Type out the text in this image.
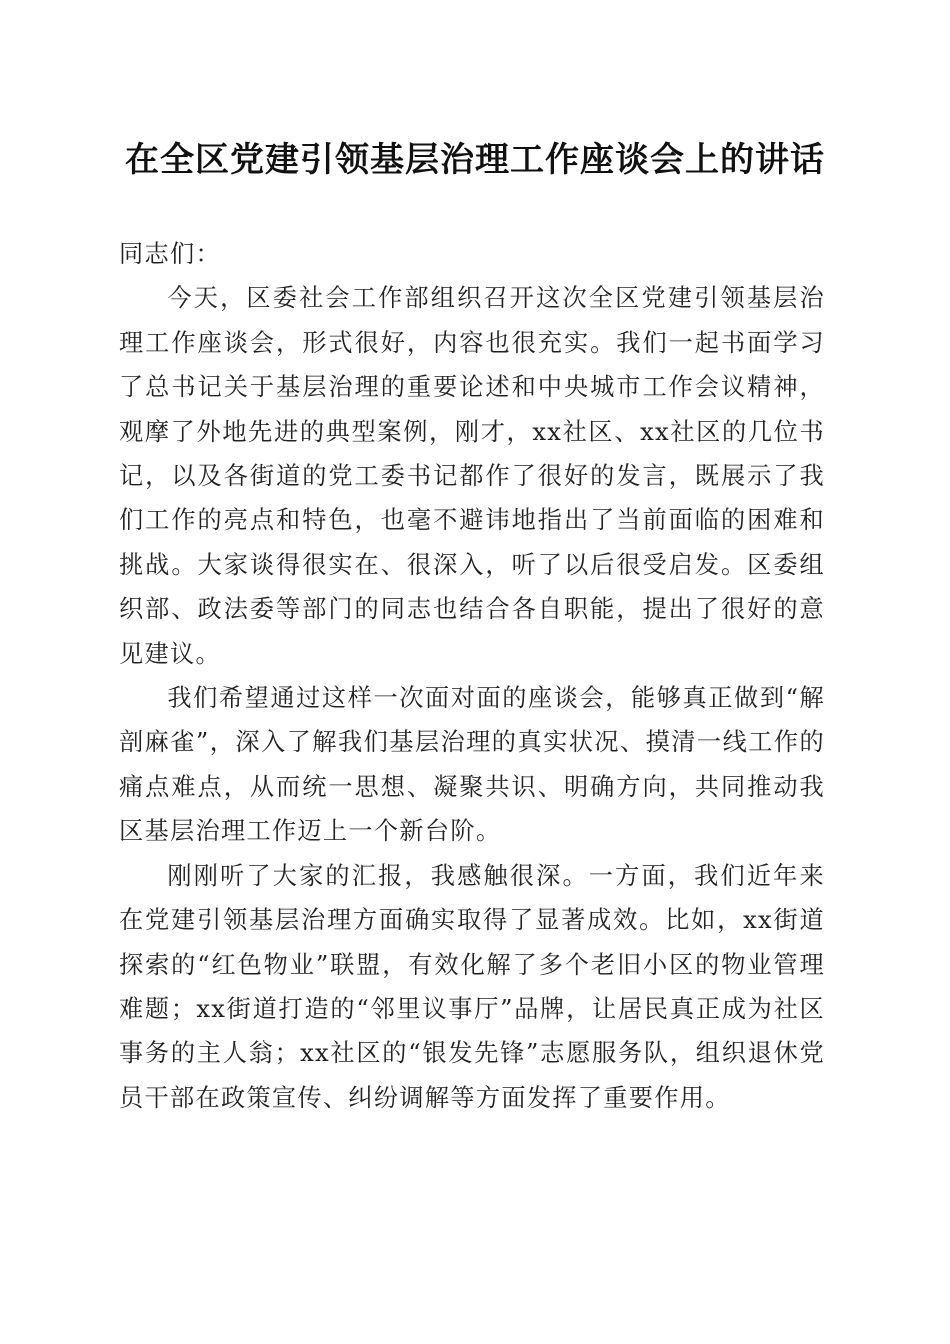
在全区党建引领基层治理工作座谈会上的讲话

同志们：

今天，区委社会工作部组织召开这次全区党建引领基层治理工作座谈会，形式很好，内容也很充实。我们一起书面学习了总书记关于基层治理的重要论述和中央城市工作会议精神，观摩了外地先进的典型案例，刚才，xx社区、xx社区的几位书记，以及各街道的党工委书记都作了很好的发言，既展示了我们工作的亮点和特色，也毫不避讳地指出了当前面临的困难和挑战。大家谈得很实在、很深入，听了以后很受启发。区委组织部、政法委等部门的同志也结合各自职能，提出了很好的意见建议。

我们希望通过这样一次面对面的座谈会，能够真正做到“解剖麻雀”，深入了解我们基层治理的真实状况、摸清一线工作的痛点难点，从而统一思想、凝聚共识、明确方向，共同推动我区基层治理工作迈上一个新台阶。

刚刚听了大家的汇报，我感触很深。一方面，我们近年来在党建引领基层治理方面确实取得了显著成效。比如，xx街道探索的“红色物业”联盟，有效化解了多个老旧小区的物业管理难题；xx街道打造的“邻里议事厅”品牌，让居民真正成为社区事务的主人翁；xx社区的“银发先锋”志愿服务队，组织退休党员干部在政策宣传、纠纷调解等方面发挥了重要作用。
